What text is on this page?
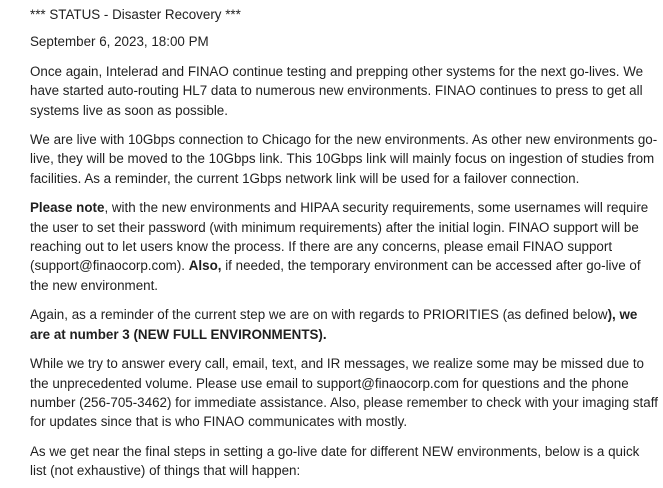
*** STATUS - Disaster Recovery ***

September 6, 2023, 18:00 PM

Once again, Intelerad and FINAO continue testing and prepping other systems for the next go-lives. We have started auto-routing HL7 data to numerous new environments. FINAO continues to press to get all systems live as soon as possible.

We are live with 10Gbps connection to Chicago for the new environments. As other new environments go-live, they will be moved to the 10Gbps link. This 10Gbps link will mainly focus on ingestion of studies from facilities. As a reminder, the current 1Gbps network link will be used for a failover connection.

Please note, with the new environments and HIPAA security requirements, some usernames will require the user to set their password (with minimum requirements) after the initial login. FINAO support will be reaching out to let users know the process. If there are any concerns, please email FINAO support (support@finaocorp.com). Also, if needed, the temporary environment can be accessed after go-live of the new environment.

Again, as a reminder of the current step we are on with regards to PRIORITIES (as defined below), we are at number 3 (NEW FULL ENVIRONMENTS).

While we try to answer every call, email, text, and IR messages, we realize some may be missed due to the unprecedented volume. Please use email to support@finaocorp.com for questions and the phone number (256-705-3462) for immediate assistance. Also, please remember to check with your imaging staff for updates since that is who FINAO communicates with mostly.

As we get near the final steps in setting a go-live date for different NEW environments, below is a quick list (not exhaustive) of things that will happen:
